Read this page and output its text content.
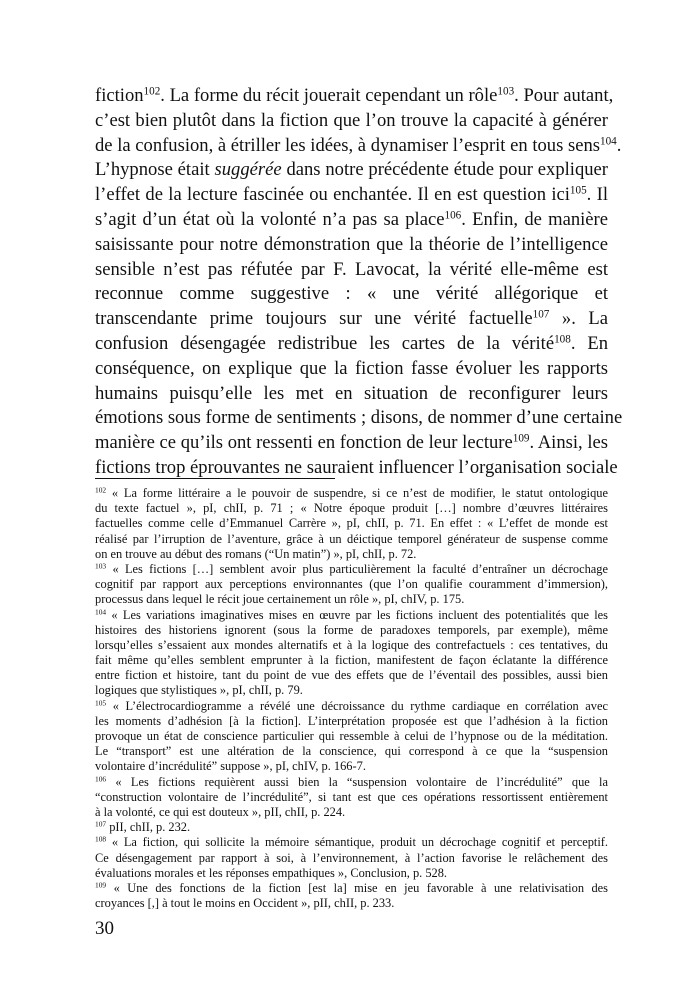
fiction$^{102}$. La forme du récit jouerait cependant un rôle$^{103}$. Pour autant,
c’est bien plutôt dans la fiction que l’on trouve la capacité à générer
de la confusion, à étriller les idées, à dynamiser l’esprit en tous sens$^{104}$.
L’hypnose était suggérée dans notre précédente étude pour expliquer
l’effet de la lecture fascinée ou enchantée. Il en est question ici$^{105}$. Il
s’agit d’un état où la volonté n’a pas sa place$^{106}$. Enfin, de manière
saisissante pour notre démonstration que la théorie de l’intelligence
sensible n’est pas réfutée par F. Lavocat, la vérité elle-même est
reconnue comme suggestive : « une vérité allégorique et
transcendante prime toujours sur une vérité factuelle$^{107}$ ». La
confusion désengagée redistribue les cartes de la vérité$^{108}$. En
conséquence, on explique que la fiction fasse évoluer les rapports
humains puisqu’elle les met en situation de reconfigurer leurs
émotions sous forme de sentiments ; disons, de nommer d’une certaine
manière ce qu’ils ont ressenti en fonction de leur lecture$^{109}$. Ainsi, les
fictions trop éprouvantes ne sauraient influencer l’organisation sociale
$^{102}$ « La forme littéraire a le pouvoir de suspendre, si ce n’est de modifier, le statut ontologique
du texte factuel », pI, chII, p. 71 ; « Notre époque produit […] nombre d’œuvres littéraires
factuelles comme celle d’Emmanuel Carrère », pI, chII, p. 71. En effet : « L’effet de monde est
réalisé par l’irruption de l’aventure, grâce à un déictique temporel générateur de suspense comme
on en trouve au début des romans (“Un matin”) », pI, chII, p. 72.
$^{103}$ « Les fictions […] semblent avoir plus particulièrement la faculté d’entraîner un décrochage
cognitif par rapport aux perceptions environnantes (que l’on qualifie couramment d’immersion),
processus dans lequel le récit joue certainement un rôle », pI, chIV, p. 175.
$^{104}$ « Les variations imaginatives mises en œuvre par les fictions incluent des potentialités que les
histoires des historiens ignorent (sous la forme de paradoxes temporels, par exemple), même
lorsqu’elles s’essaient aux mondes alternatifs et à la logique des contrefactuels : ces tentatives, du
fait même qu’elles semblent emprunter à la fiction, manifestent de façon éclatante la différence
entre fiction et histoire, tant du point de vue des effets que de l’éventail des possibles, aussi bien
logiques que stylistiques », pI, chII, p. 79.
$^{105}$ « L’électrocardiogramme a révélé une décroissance du rythme cardiaque en corrélation avec
les moments d’adhésion [à la fiction]. L’interprétation proposée est que l’adhésion à la fiction
provoque un état de conscience particulier qui ressemble à celui de l’hypnose ou de la méditation.
Le “transport” est une altération de la conscience, qui correspond à ce que la “suspension
volontaire d’incrédulité” suppose », pI, chIV, p. 166-7.
$^{106}$ « Les fictions requièrent aussi bien la “suspension volontaire de l’incrédulité” que la
“construction volontaire de l’incrédulité”, si tant est que ces opérations ressortissent entièrement
à la volonté, ce qui est douteux », pII, chII, p. 224.
$^{107}$ pII, chII, p. 232.
$^{108}$ « La fiction, qui sollicite la mémoire sémantique, produit un décrochage cognitif et perceptif.
Ce désengagement par rapport à soi, à l’environnement, à l’action favorise le relâchement des
évaluations morales et les réponses empathiques », Conclusion, p. 528.
$^{109}$ « Une des fonctions de la fiction [est la] mise en jeu favorable à une relativisation des
croyances [,] à tout le moins en Occident », pII, chII, p. 233.
30
